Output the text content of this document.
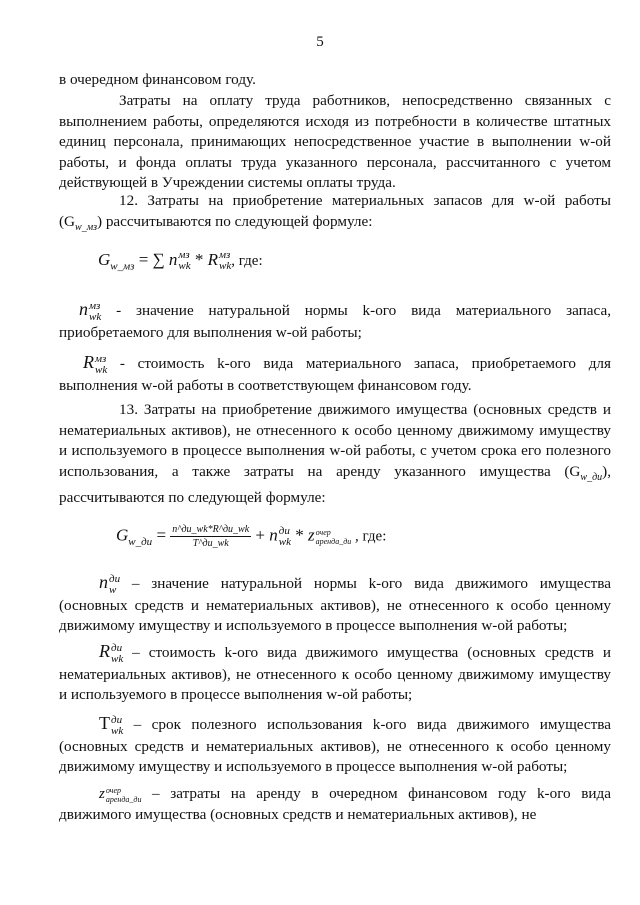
5
в очередном финансовом году.
Затраты на оплату труда работников, непосредственно связанных с выполнением работы, определяются исходя из потребности в количестве штатных единиц персонала, принимающих непосредственное участие в выполнении w-ой работы, и фонда оплаты труда указанного персонала, рассчитанного с учетом действующей в Учреждении системы оплаты труда.
12. Затраты на приобретение материальных запасов для w-ой работы $(G_{w\_мз})$ рассчитываются по следующей формуле:
$G_{w\_мз}$ = ∑ n мз
wk * R мз
wk , где:
n мз
wk - значение натуральной нормы k-ого вида материального запаса, приобретаемого для выполнения w-ой работы;
R мз
wk - стоимость k-ого вида материального запаса, приобретаемого для выполнения w-ой работы в соответствующем финансовом году.
13. Затраты на приобретение движимого имущества (основных средств и нематериальных активов), не отнесенного к особо ценному движимому имуществу и используемого в процессе выполнения w-ой работы, с учетом срока его полезного использования, а также затраты на аренду указанного имущества $(G_{w\_ди})$, рассчитываются по следующей формуле:
$G_{w\_ди} = \frac{n\^{}ди\_wk*R\^{}ди\_wk}{T\^{}ди\_wk} + n$ ди
wk * z очер
аренда_ди , где:
n ди
w – значение натуральной нормы k-ого вида движимого имущества (основных средств и нематериальных активов), не отнесенного к особо ценному движимому имуществу и используемого в процессе выполнения w-ой работы;
R ди
wk – стоимость k-ого вида движимого имущества (основных средств и нематериальных активов), не отнесенного к особо ценному движимому имуществу и используемого в процессе выполнения w-ой работы;
T ди
wk – срок полезного использования k-ого вида движимого имущества (основных средств и нематериальных активов), не отнесенного к особо ценному движимому имуществу и используемого в процессе выполнения w-ой работы;
z очер
аренда_ди – затраты на аренду в очередном финансовом году k-ого вида движимого имущества (основных средств и нематериальных активов), не
